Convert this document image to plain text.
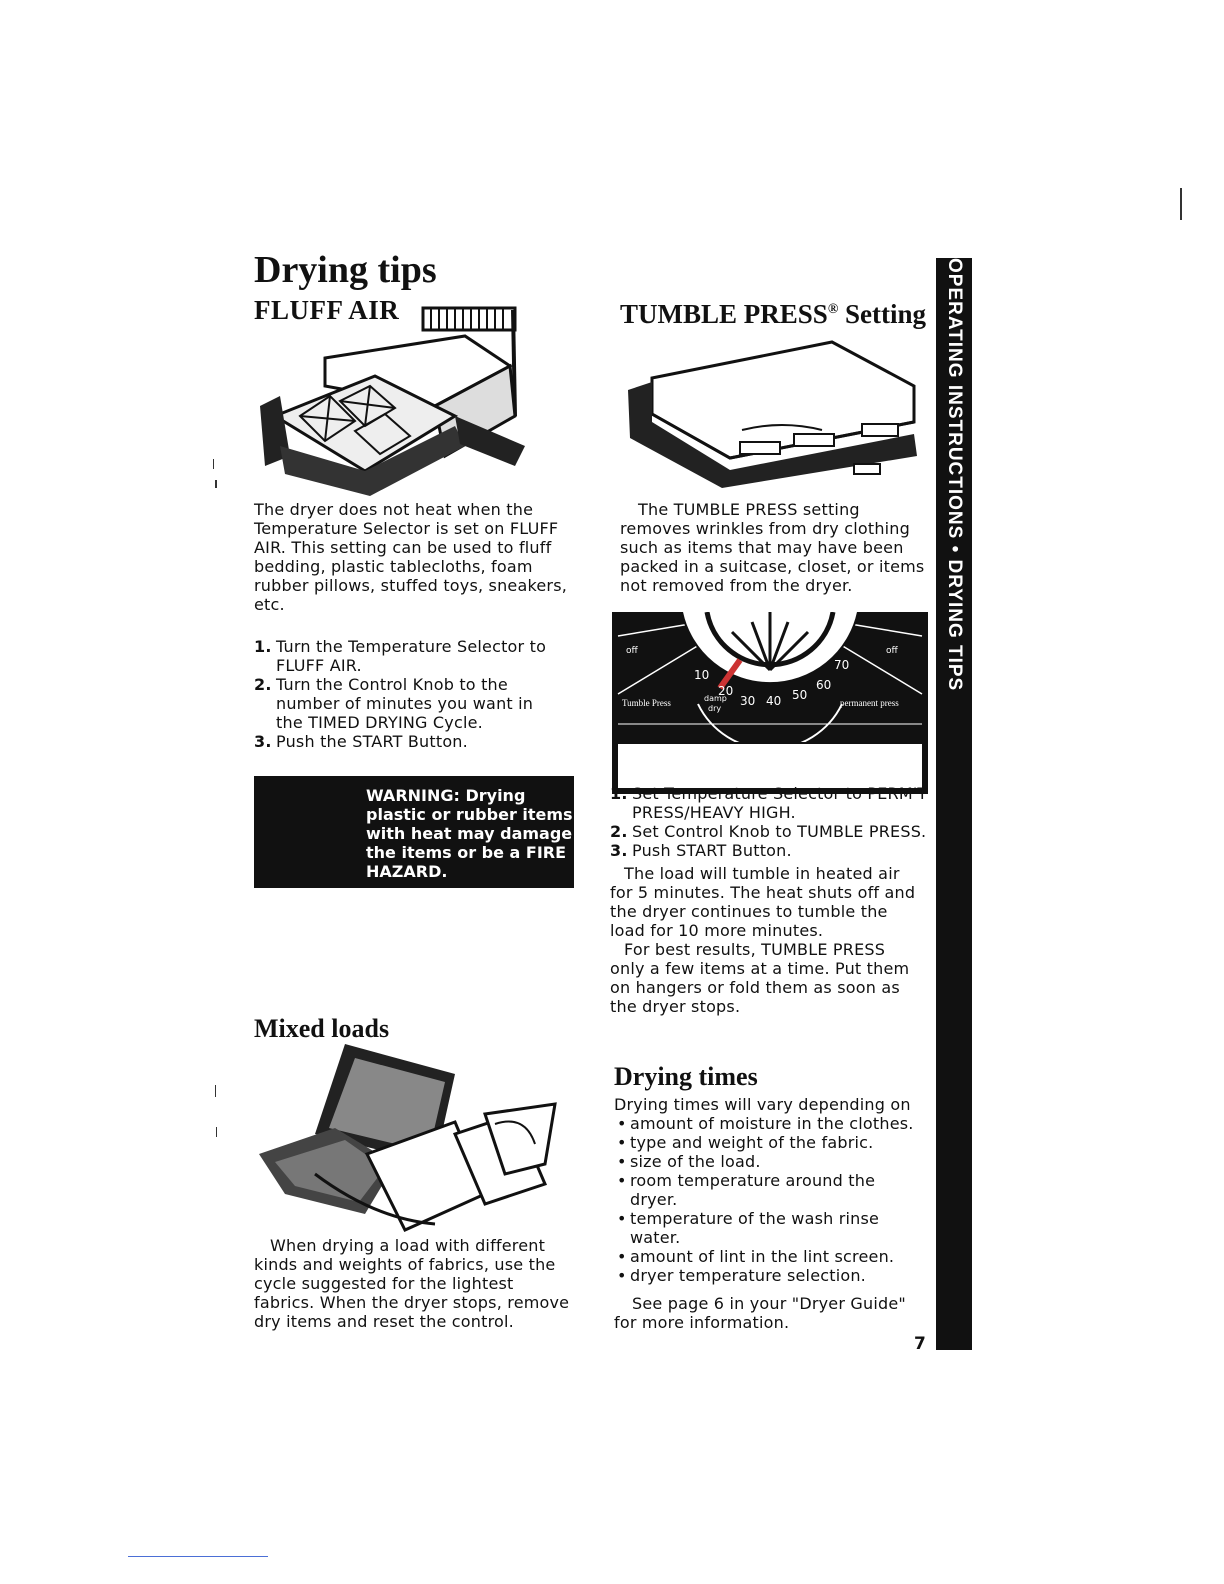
OPERATING INSTRUCTIONS • DRYING TIPS
Drying tips
FLUFF AIR
The dryer does not heat when the Temperature Selector is set on FLUFF AIR. This setting can be used to fluff bedding, plastic tablecloths, foam rubber pillows, stuffed toys, sneakers, etc.
1. Turn the Temperature Selector to FLUFF AIR.
2. Turn the Control Knob to the number of minutes you want in the TIMED DRYING Cycle.
3. Push the START Button.
WARNING: Drying plastic or rubber items with heat may damage the items or be a FIRE HAZARD.
TUMBLE PRESS® Setting
The TUMBLE PRESS setting removes wrinkles from dry clothing such as items that may have been packed in a suitcase, closet, or items not removed from the dryer.
off	off
Tumble Press	damp
dry
permanent press
10
20
30 40 50
60
70
1. Set Temperature Selector to PERM'T PRESS/HEAVY HIGH.
2. Set Control Knob to TUMBLE PRESS.
3. Push START Button.
The load will tumble in heated air for 5 minutes. The heat shuts off and the dryer continues to tumble the load for 10 more minutes.
For best results, TUMBLE PRESS only a few items at a time. Put them on hangers or fold them as soon as the dryer stops.
Mixed loads
When drying a load with different kinds and weights of fabrics, use the cycle suggested for the lightest fabrics. When the dryer stops, remove dry items and reset the control.
Drying times
Drying times will vary depending on
• amount of moisture in the clothes.
• type and weight of the fabric.
• size of the load.
• room temperature around the dryer.
• temperature of the wash rinse water.
• amount of lint in the lint screen.
• dryer temperature selection.
See page 6 in your "Dryer Guide" for more information.
7
